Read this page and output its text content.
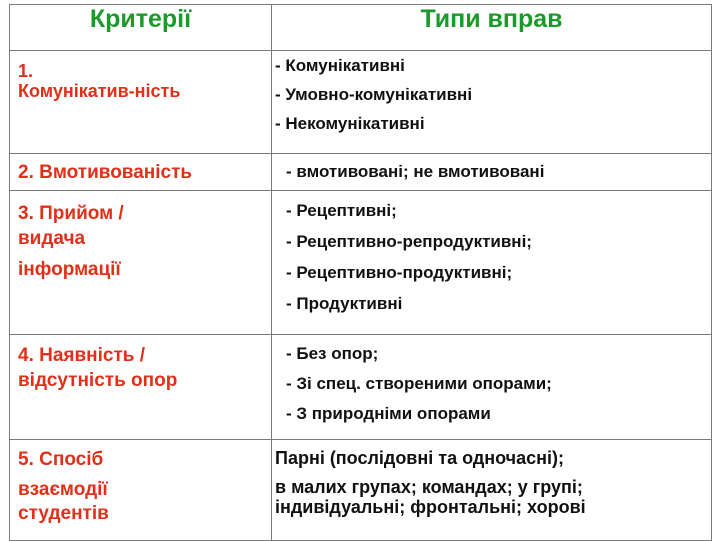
Критерії	Типи вправ

1.
Комунікатив-ність	- Комунікативні
- Умовно-комунікативні
- Некомунікативні

2. Вмотивованість	- вмотивовані; не вмотивовані

3. Прийом /
видача
інформації	- Рецептивні;
- Рецептивно-репродуктивні;
- Рецептивно-продуктивні;
- Продуктивні

4. Наявність /
відсутність опор	- Без опор;
- Зі спец. створеними опорами;
- З природніми опорами

5. Спосіб
взаємодії
студентів	Парні (послідовні та одночасні);
в малих групах; командах; у групі;
індивідуальні; фронтальні; хорові
